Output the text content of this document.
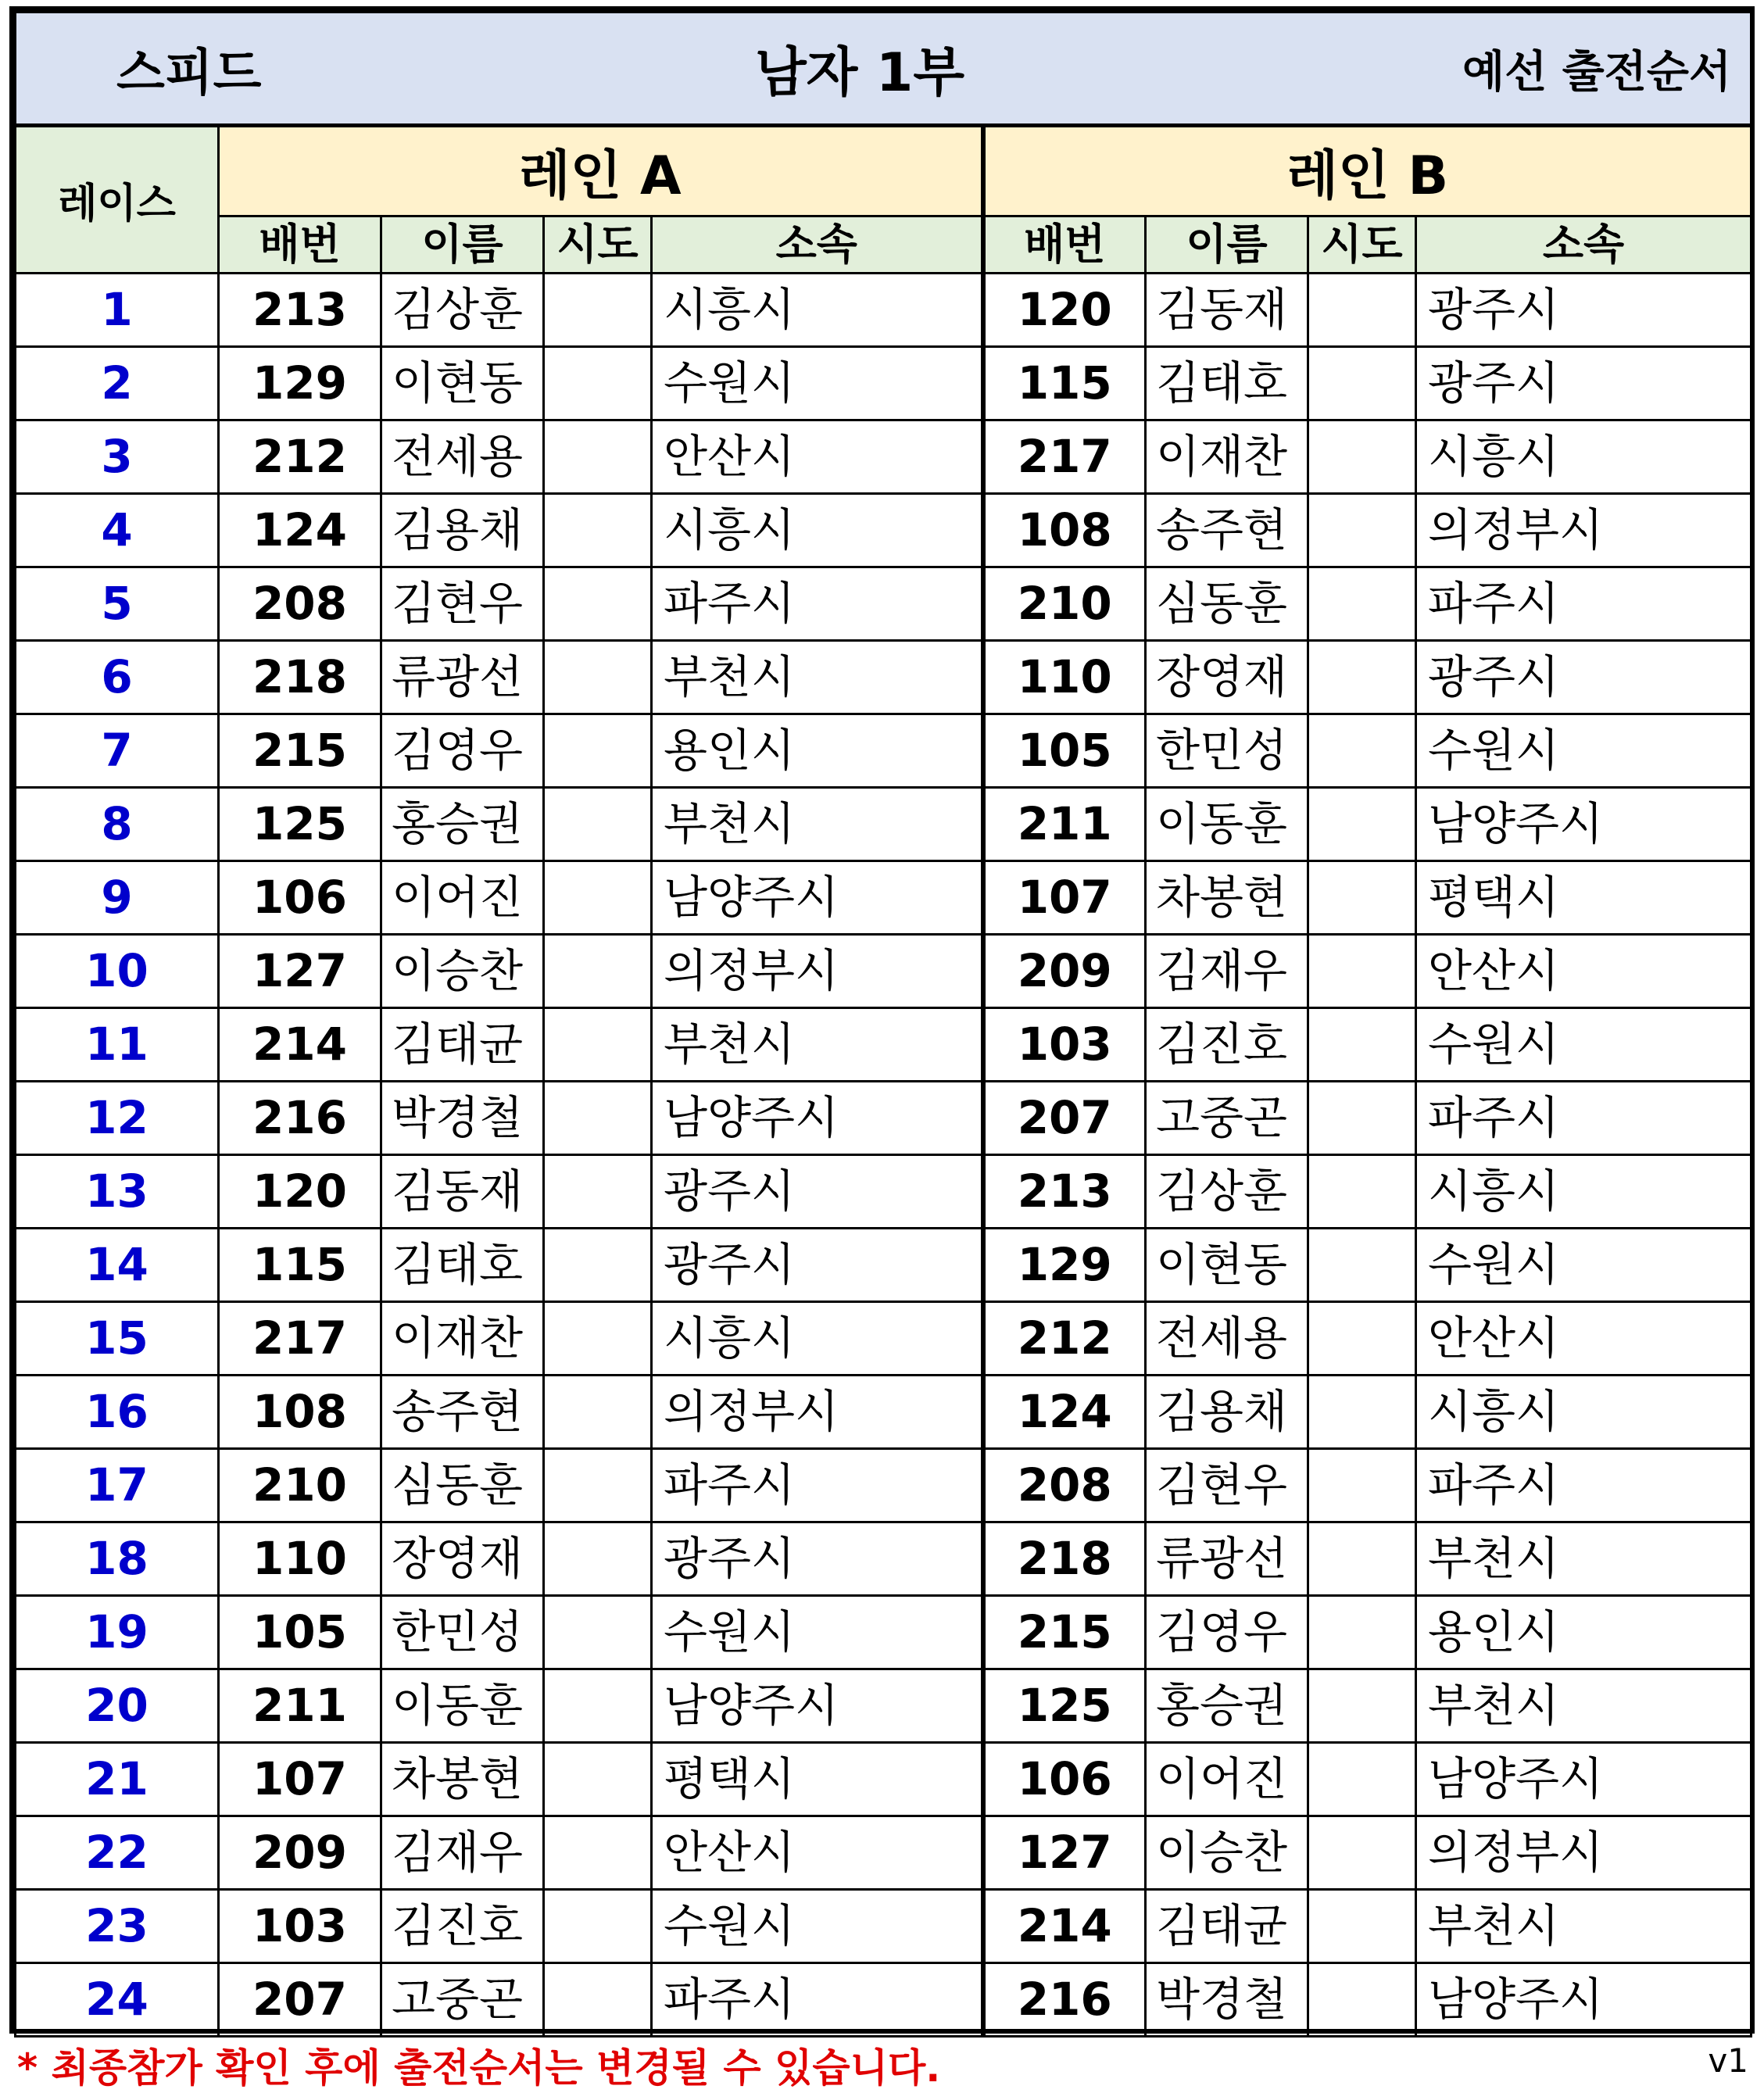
스피드 남자 1부 예선 출전순서								

레이스	레인 A				레인 B			
	배번	이름	시도	소속	배번	이름	시도	소속
1	213	김상훈		시흥시	120	김동재		광주시
2	129	이현동		수원시	115	김태호		광주시
3	212	전세용		안산시	217	이재찬		시흥시
4	124	김용채		시흥시	108	송주현		의정부시
5	208	김현우		파주시	210	심동훈		파주시
6	218	류광선		부천시	110	장영재		광주시
7	215	김영우		용인시	105	한민성		수원시
8	125	홍승권		부천시	211	이동훈		남양주시
9	106	이어진		남양주시	107	차봉현		평택시
10	127	이승찬		의정부시	209	김재우		안산시
11	214	김태균		부천시	103	김진호		수원시
12	216	박경철		남양주시	207	고중곤		파주시
13	120	김동재		광주시	213	김상훈		시흥시
14	115	김태호		광주시	129	이현동		수원시
15	217	이재찬		시흥시	212	전세용		안산시
16	108	송주현		의정부시	124	김용채		시흥시
17	210	심동훈		파주시	208	김현우		파주시
18	110	장영재		광주시	218	류광선		부천시
19	105	한민성		수원시	215	김영우		용인시
20	211	이동훈		남양주시	125	홍승권		부천시
21	107	차봉현		평택시	106	이어진		남양주시
22	209	김재우		안산시	127	이승찬		의정부시
23	103	김진호		수원시	214	김태균		부천시
24	207	고중곤		파주시	216	박경철		남양주시
* 최종참가 확인 후에 출전순서는 변경될 수 있습니다.	v1
